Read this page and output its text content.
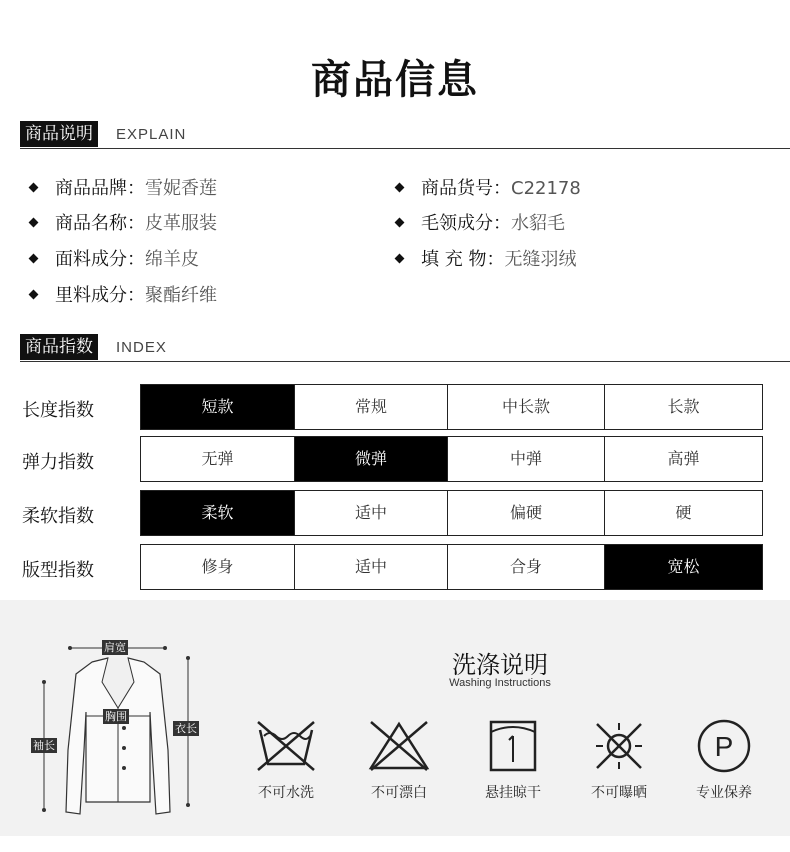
商品信息
商品说明	EXPLAIN
商品品牌：雪妮香莲
商品名称：皮革服装
面料成分：绵羊皮
里料成分：聚酯纤维
商品货号：C22178
毛领成分：水貂毛
填 充 物：无缝羽绒
商品指数	INDEX
长度指数	短款	常规	中长款	长款
弹力指数	无弹	微弹	中弹	高弹
柔软指数	柔软	适中	偏硬	硬
版型指数	修身	适中	合身	宽松
肩宽
胸围
衣长
袖长
洗涤说明
Washing Instructions
不可水洗	不可漂白	悬挂晾干	不可曝晒
P
专业保养
